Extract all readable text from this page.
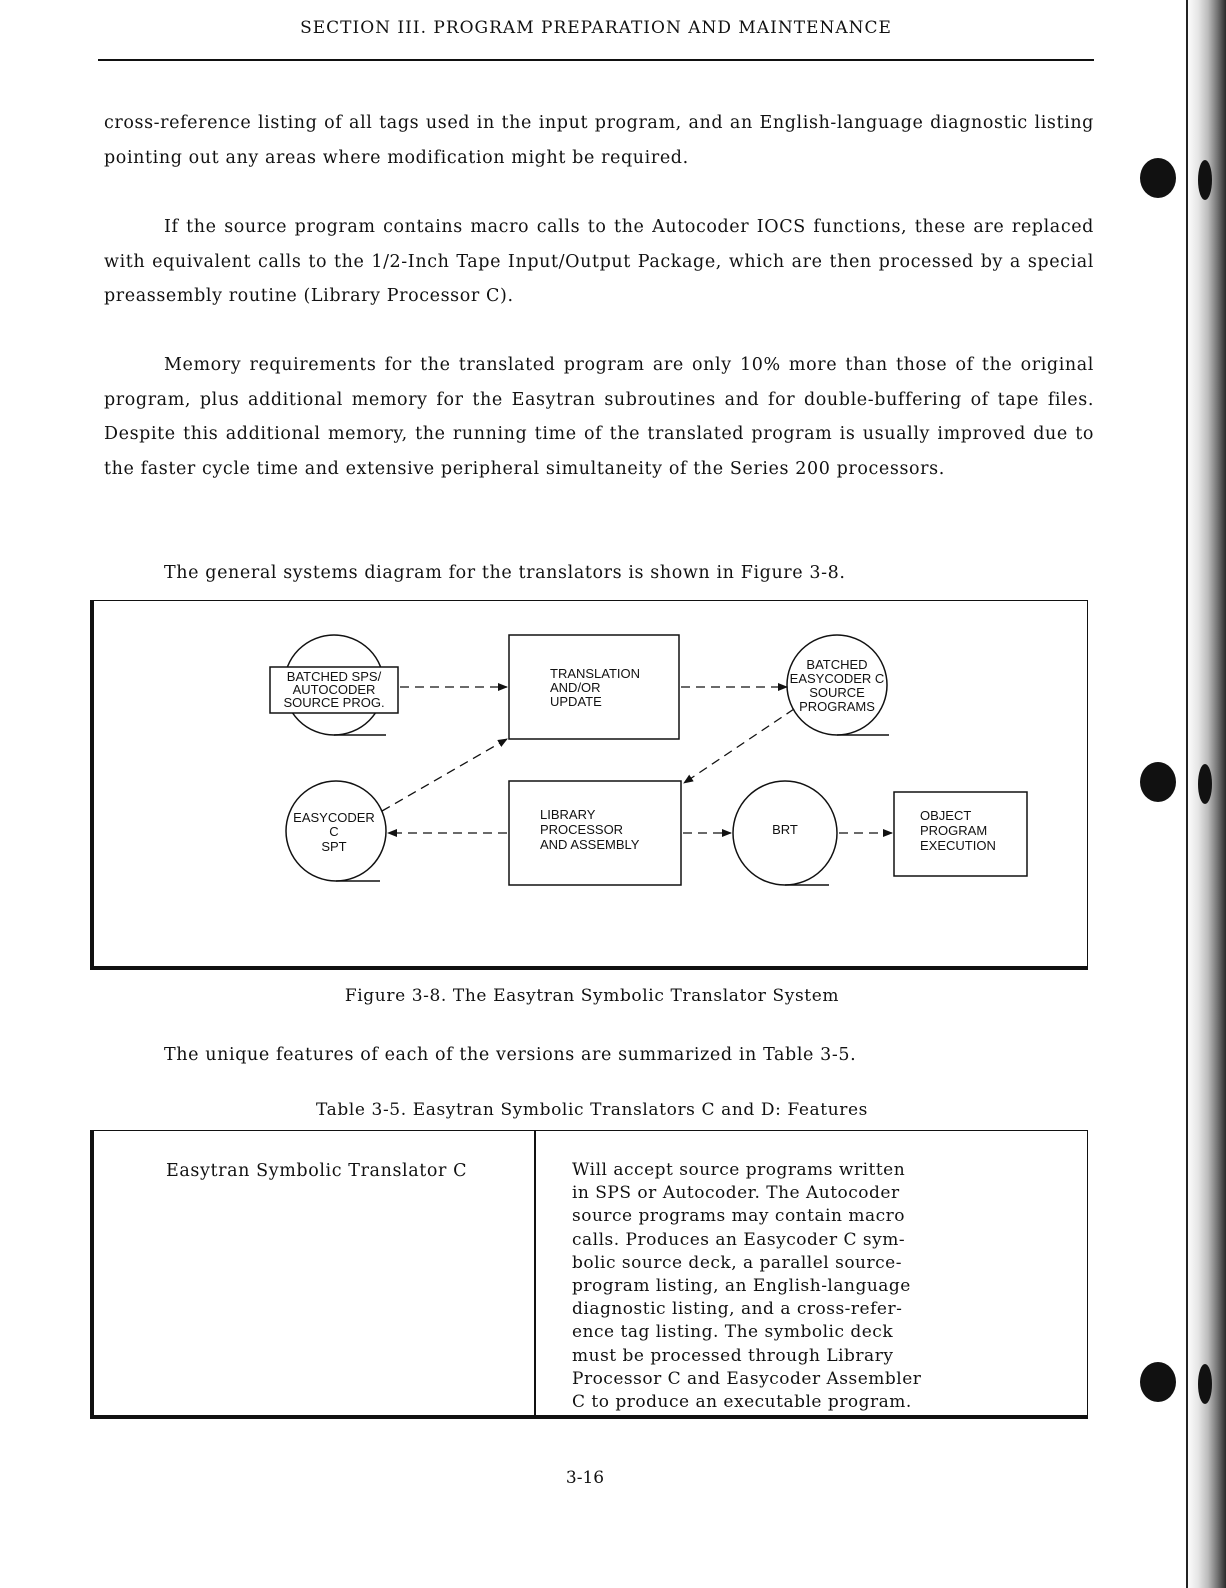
SECTION III. PROGRAM PREPARATION AND MAINTENANCE

cross-reference listing of all tags used in the input program, and an English-language diagnostic listing pointing out any areas where modification might be required.

If the source program contains macro calls to the Autocoder IOCS functions, these are replaced with equivalent calls to the 1/2-Inch Tape Input/Output Package, which are then processed by a special preassembly routine (Library Processor C).

Memory requirements for the translated program are only 10% more than those of the original program, plus additional memory for the Easytran subroutines and for double-buffering of tape files. Despite this additional memory, the running time of the translated program is usually improved due to the faster cycle time and extensive peripheral simultaneity of the Series 200 processors.

The general systems diagram for the translators is shown in Figure 3-8.

BATCHED SPS/
AUTOCODER
SOURCE PROG.
TRANSLATION
AND/OR
UPDATE
BATCHED
EASYCODER C
SOURCE
PROGRAMS
EASYCODER
C
SPT
LIBRARY
PROCESSOR
AND ASSEMBLY
BRT
OBJECT
PROGRAM
EXECUTION
Figure 3-8. The Easytran Symbolic Translator System

The unique features of each of the versions are summarized in Table 3-5.

Table 3-5. Easytran Symbolic Translators C and D: Features
Easytran Symbolic Translator C	Will accept source programs written
in SPS or Autocoder. The Autocoder
source programs may contain macro
calls. Produces an Easycoder C sym-
bolic source deck, a parallel source-
program listing, an English-language
diagnostic listing, and a cross-refer-
ence tag listing. The symbolic deck
must be processed through Library
Processor C and Easycoder Assembler
C to produce an executable program.
3-16
